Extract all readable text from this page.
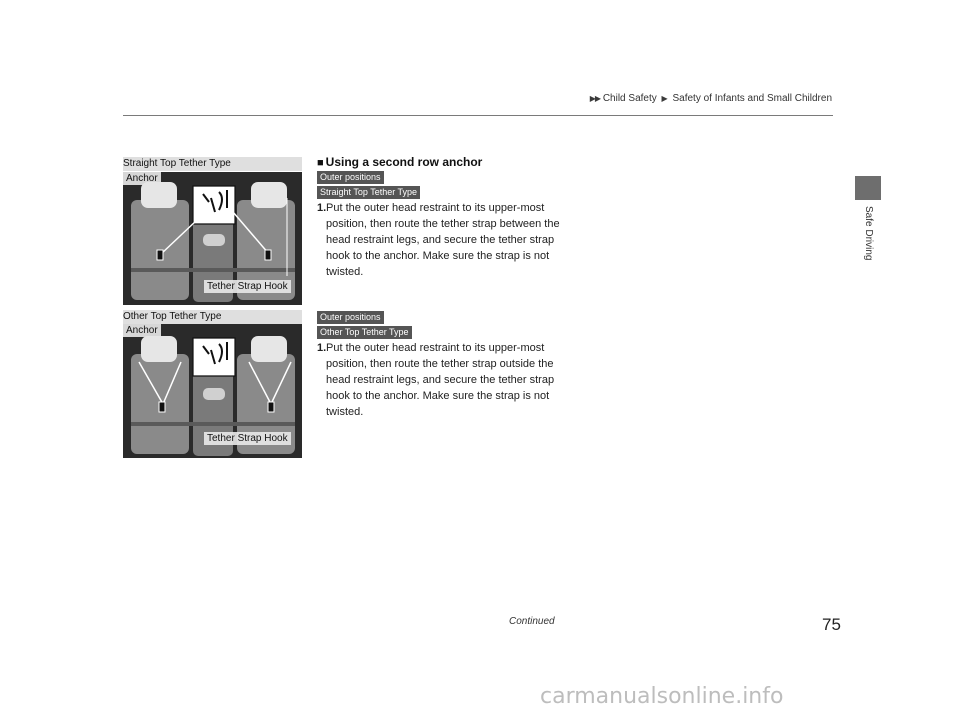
▶▶ Child Safety ▶ Safety of Infants and Small Children
Safe Driving
Straight Top Tether Type
Anchor
Tether Strap Hook
Other Top Tether Type
Anchor
Tether Strap Hook
■ Using a second row anchor
Outer positions
Straight Top Tether Type
1.Put the outer head restraint to its upper-most position, then route the tether strap between the head restraint legs, and secure the tether strap hook to the anchor. Make sure the strap is not twisted.
Outer positions
Other Top Tether Type
1.Put the outer head restraint to its upper-most position, then route the tether strap outside the head restraint legs, and secure the tether strap hook to the anchor. Make sure the strap is not twisted.
Continued	75
carmanualsonline.info
